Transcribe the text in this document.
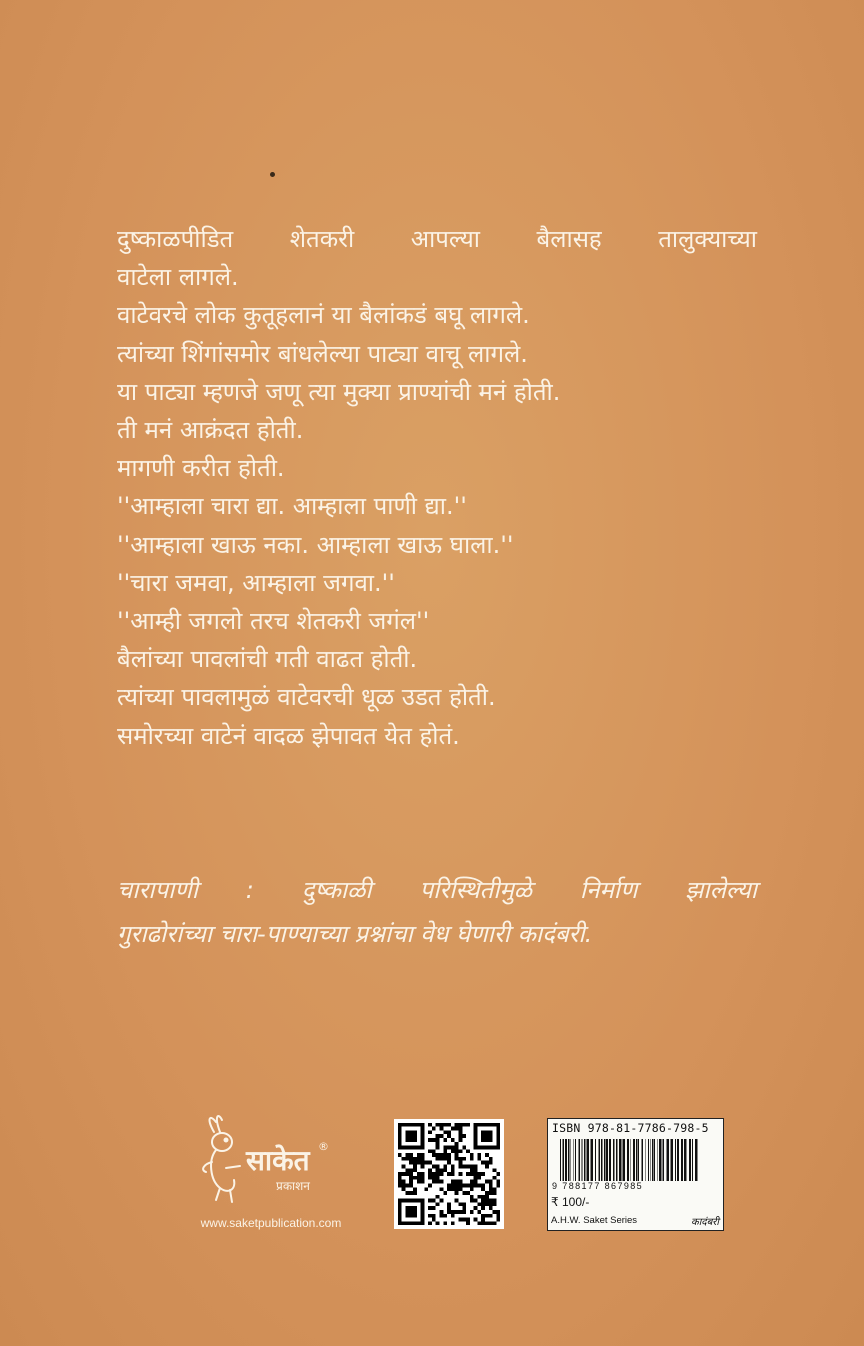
दुष्काळपीडित शेतकरी आपल्या बैलासह तालुक्याच्या

वाटेला लागले.

वाटेवरचे लोक कुतूहलानं या बैलांकडं बघू लागले.

त्यांच्या शिंगांसमोर बांधलेल्या पाट्या वाचू लागले.

या पाट्या म्हणजे जणू त्या मुक्या प्राण्यांची मनं होती.

ती मनं आक्रंदत होती.

मागणी करीत होती.

''आम्हाला चारा द्या. आम्हाला पाणी द्या.''

''आम्हाला खाऊ नका. आम्हाला खाऊ घाला.''

''चारा जमवा, आम्हाला जगवा.''

''आम्ही जगलो तरच शेतकरी जगंल''

बैलांच्या पावलांची गती वाढत होती.

त्यांच्या पावलामुळं वाटेवरची धूळ उडत होती.

समोरच्या वाटेनं वादळ झेपावत येत होतं.

चारापाणी : दुष्काळी परिस्थितीमुळे निर्माण झालेल्या

गुराढोरांच्या चारा-पाण्याच्या प्रश्नांचा वेध घेणारी कादंबरी.

साकेत
प्रकाशन
®
www.saketpublication.com
ISBN 978-81-7786-798-5
9 788177 867985
₹ 100/-
A.H.W. Saket Series	कादंबरी
